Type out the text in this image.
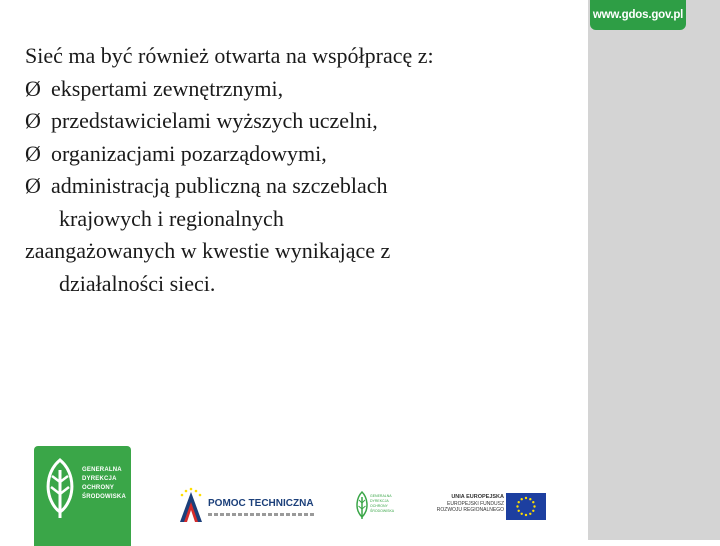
www.gdos.gov.pl
Sieć ma być również otwarta na współpracę z:
Ø ekspertami zewnętrznymi,
Ø przedstawicielami wyższych uczelni,
Ø organizacjami pozarządowymi,
Ø administracją publiczną na szczeblach
krajowych i regionalnych
zaangażowanych w kwestie wynikające z
działalności sieci.
GENERALNA
DYREKCJA
OCHRONY
ŚRODOWISKA
POMOC TECHNICZNA
GENERALNA
DYREKCJA
OCHRONY
ŚRODOWISKA
UNIA EUROPEJSKA
EUROPEJSKI FUNDUSZ
ROZWOJU REGIONALNEGO
